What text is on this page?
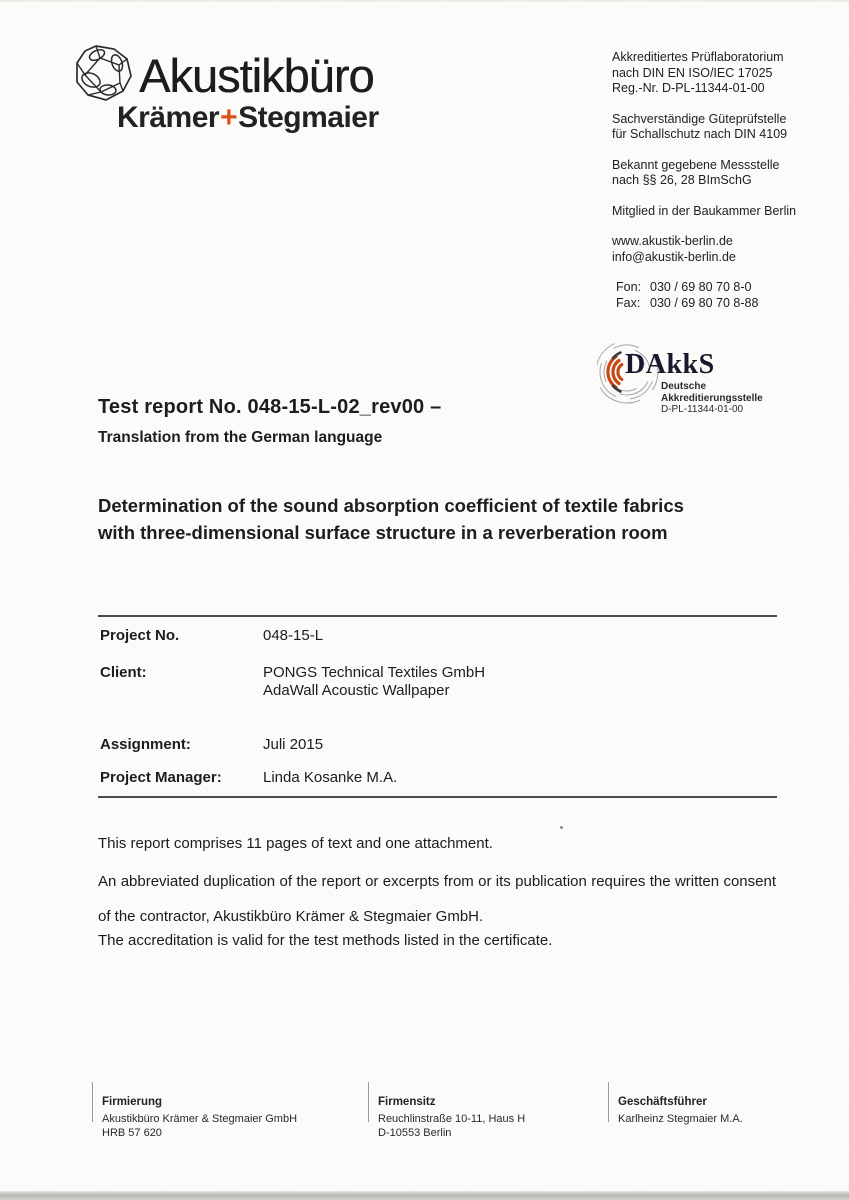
Akustikbüro
Krämer+Stegmaier
Akkreditiertes Prüflaboratorium
nach DIN EN ISO/IEC 17025
Reg.-Nr. D-PL-11344-01-00
Sachverständige Güteprüfstelle
für Schallschutz nach DIN 4109
Bekannt gegebene Messstelle
nach §§ 26, 28 BImSchG
Mitglied in der Baukammer Berlin
www.akustik-berlin.de
info@akustik-berlin.de
Fon: 030 / 69 80 70 8-0
Fax: 030 / 69 80 70 8-88
DAkkS
Deutsche
Akkreditierungsstelle
D-PL-11344-01-00
Test report No. 048-15-L-02_rev00 –
Translation from the German language
Determination of the sound absorption coefficient of textile fabrics
with three-dimensional surface structure in a reverberation room
Project No.	048-15-L
Client:	PONGS Technical Textiles GmbH
AdaWall Acoustic Wallpaper
Assignment:	Juli 2015
Project Manager:	Linda Kosanke M.A.
This report comprises 11 pages of text and one attachment.
An abbreviated duplication of the report or excerpts from or its publication requires the written consent of the contractor, Akustikbüro Krämer & Stegmaier GmbH.
The accreditation is valid for the test methods listed in the certificate.
Firmierung
Akustikbüro Krämer & Stegmaier GmbH
HRB 57 620
Firmensitz
Reuchlinstraße 10-11, Haus H
D-10553 Berlin
Geschäftsführer
Karlheinz Stegmaier M.A.
